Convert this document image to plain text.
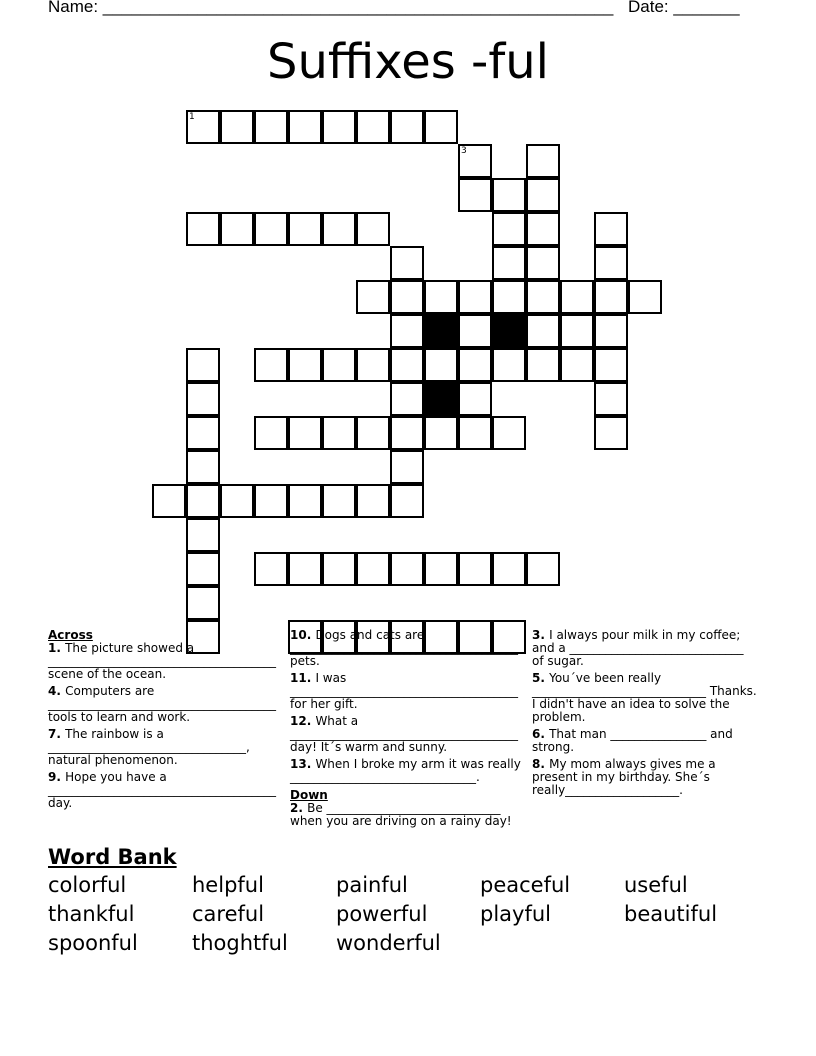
Name: ______________________________________________________ Date: _______
Suffixes -ful
1
3
Across
1. The picture showed a
______________________________________
scene of the ocean.
4. Computers are
______________________________________
tools to learn and work.
7. The rainbow is a
_________________________________,
natural phenomenon.
9. Hope you have a
______________________________________
day.
10. Dogs and cats are
______________________________________
pets.
11. I was
______________________________________
for her gift.
12. What a
______________________________________
day! It´s warm and sunny.
13. When I broke my arm it was really
_______________________________.
Down
2. Be _____________________________
when you are driving on a rainy day!
3. I always pour milk in my coffee;
and a _____________________________
of sugar.
5. You´ve been really
_____________________________ Thanks.
I didn't have an idea to solve the
problem.
6. That man ________________ and
strong.
8. My mom always gives me a
present in my birthday. She´s
really___________________.
Word Bank
colorful	helpful	painful	peaceful	useful
thankful	careful	powerful	playful	beautiful
spoonful	thoghtful wonderful
